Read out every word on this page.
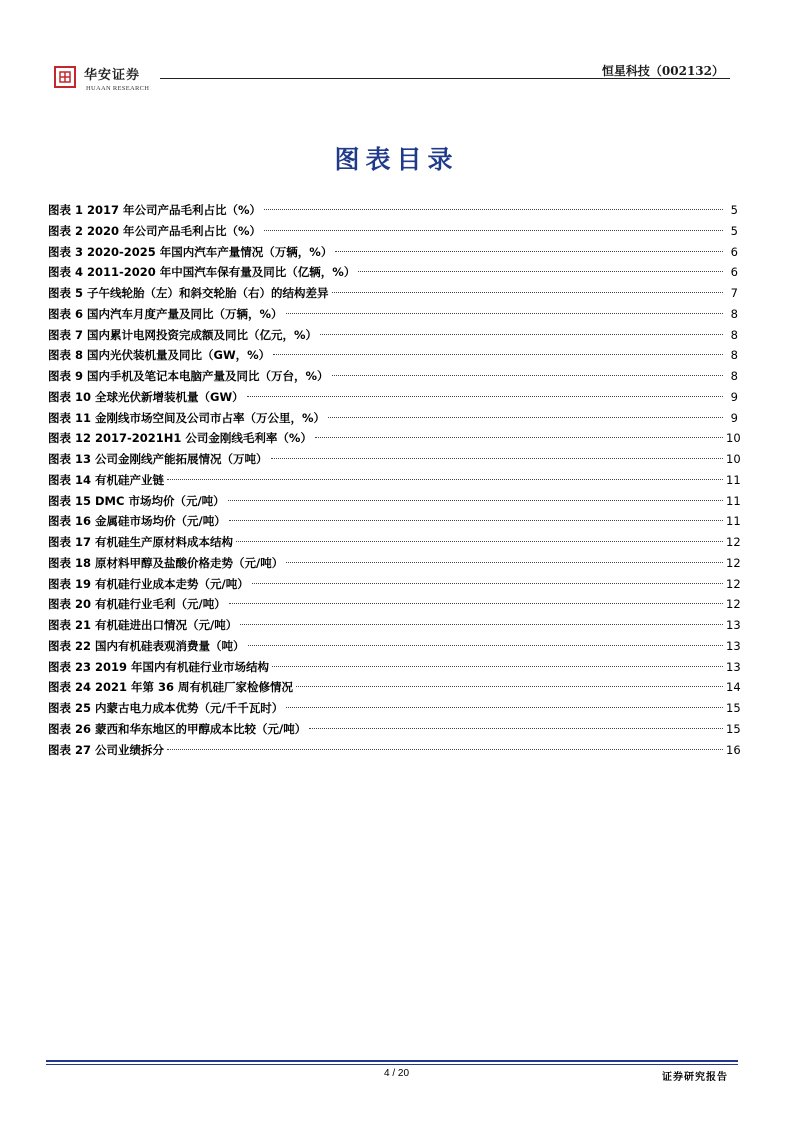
华安证券
HUAAN RESEARCH
恒星科技（002132）
图表目录
图表 1 2017 年公司产品毛利占比（%）	5
图表 2 2020 年公司产品毛利占比（%）	5
图表 3 2020-2025 年国内汽车产量情况（万辆，%）	6
图表 4 2011-2020 年中国汽车保有量及同比（亿辆，%）	6
图表 5 子午线轮胎（左）和斜交轮胎（右）的结构差异	7
图表 6 国内汽车月度产量及同比（万辆，%）	8
图表 7 国内累计电网投资完成额及同比（亿元，%）	8
图表 8 国内光伏装机量及同比（GW，%）	8
图表 9 国内手机及笔记本电脑产量及同比（万台，%）	8
图表 10 全球光伏新增装机量（GW）	9
图表 11 金刚线市场空间及公司市占率（万公里，%）	9
图表 12 2017-2021H1 公司金刚线毛利率（%）	10
图表 13 公司金刚线产能拓展情况（万吨）	10
图表 14 有机硅产业链	11
图表 15 DMC 市场均价（元/吨）	11
图表 16 金属硅市场均价（元/吨）	11
图表 17 有机硅生产原材料成本结构	12
图表 18 原材料甲醇及盐酸价格走势（元/吨）	12
图表 19 有机硅行业成本走势（元/吨）	12
图表 20 有机硅行业毛利（元/吨）	12
图表 21 有机硅进出口情况（元/吨）	13
图表 22 国内有机硅表观消费量（吨）	13
图表 23 2019 年国内有机硅行业市场结构	13
图表 24 2021 年第 36 周有机硅厂家检修情况	14
图表 25 内蒙古电力成本优势（元/千千瓦时）	15
图表 26 蒙西和华东地区的甲醇成本比较（元/吨）	15
图表 27 公司业绩拆分	16
4 / 20	证券研究报告
